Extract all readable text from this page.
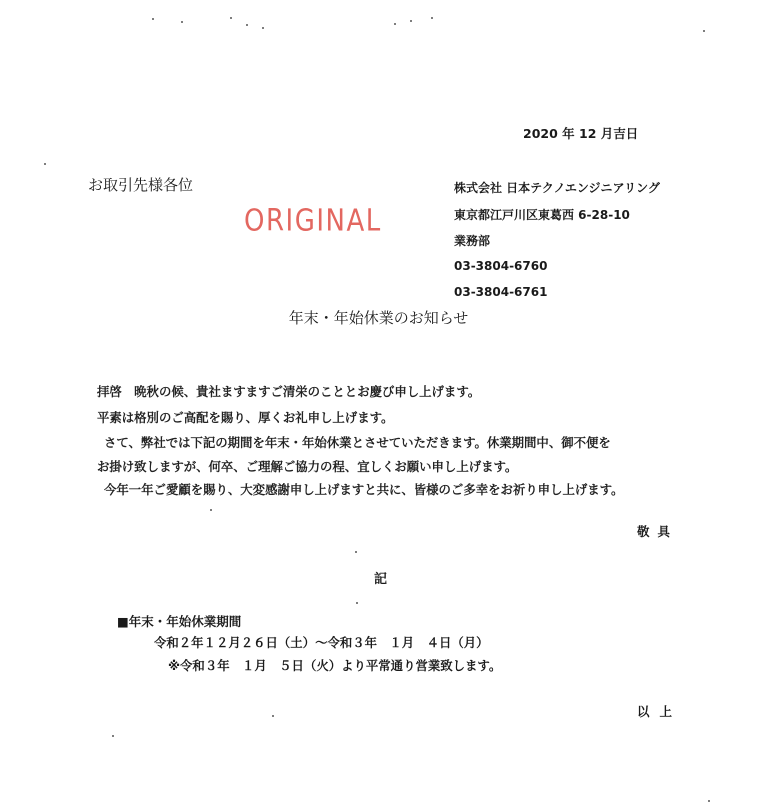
2020 年 12 月吉日
お取引先様各位
ORIGINAL
株式会社 日本テクノエンジニアリング
東京都江戸川区東葛西 6-28-10
業務部
03-3804-6760
03-3804-6761
年末・年始休業のお知らせ
拝啓　晩秋の候、貴社ますますご清栄のこととお慶び申し上げます。
平素は格別のご高配を賜り、厚くお礼申し上げます。
さて、弊社では下記の期間を年末・年始休業とさせていただきます。休業期間中、御不便を
お掛け致しますが、何卒、ご理解ご協力の程、宜しくお願い申し上げます。
今年一年ご愛顧を賜り、大変感謝申し上げますと共に、皆様のご多幸をお祈り申し上げます。
敬具
記
■年末・年始休業期間
令和２年１２月２６日（土）～令和３年　１月　４日（月）
※令和３年　１月　５日（火）より平常通り営業致します。
以上
